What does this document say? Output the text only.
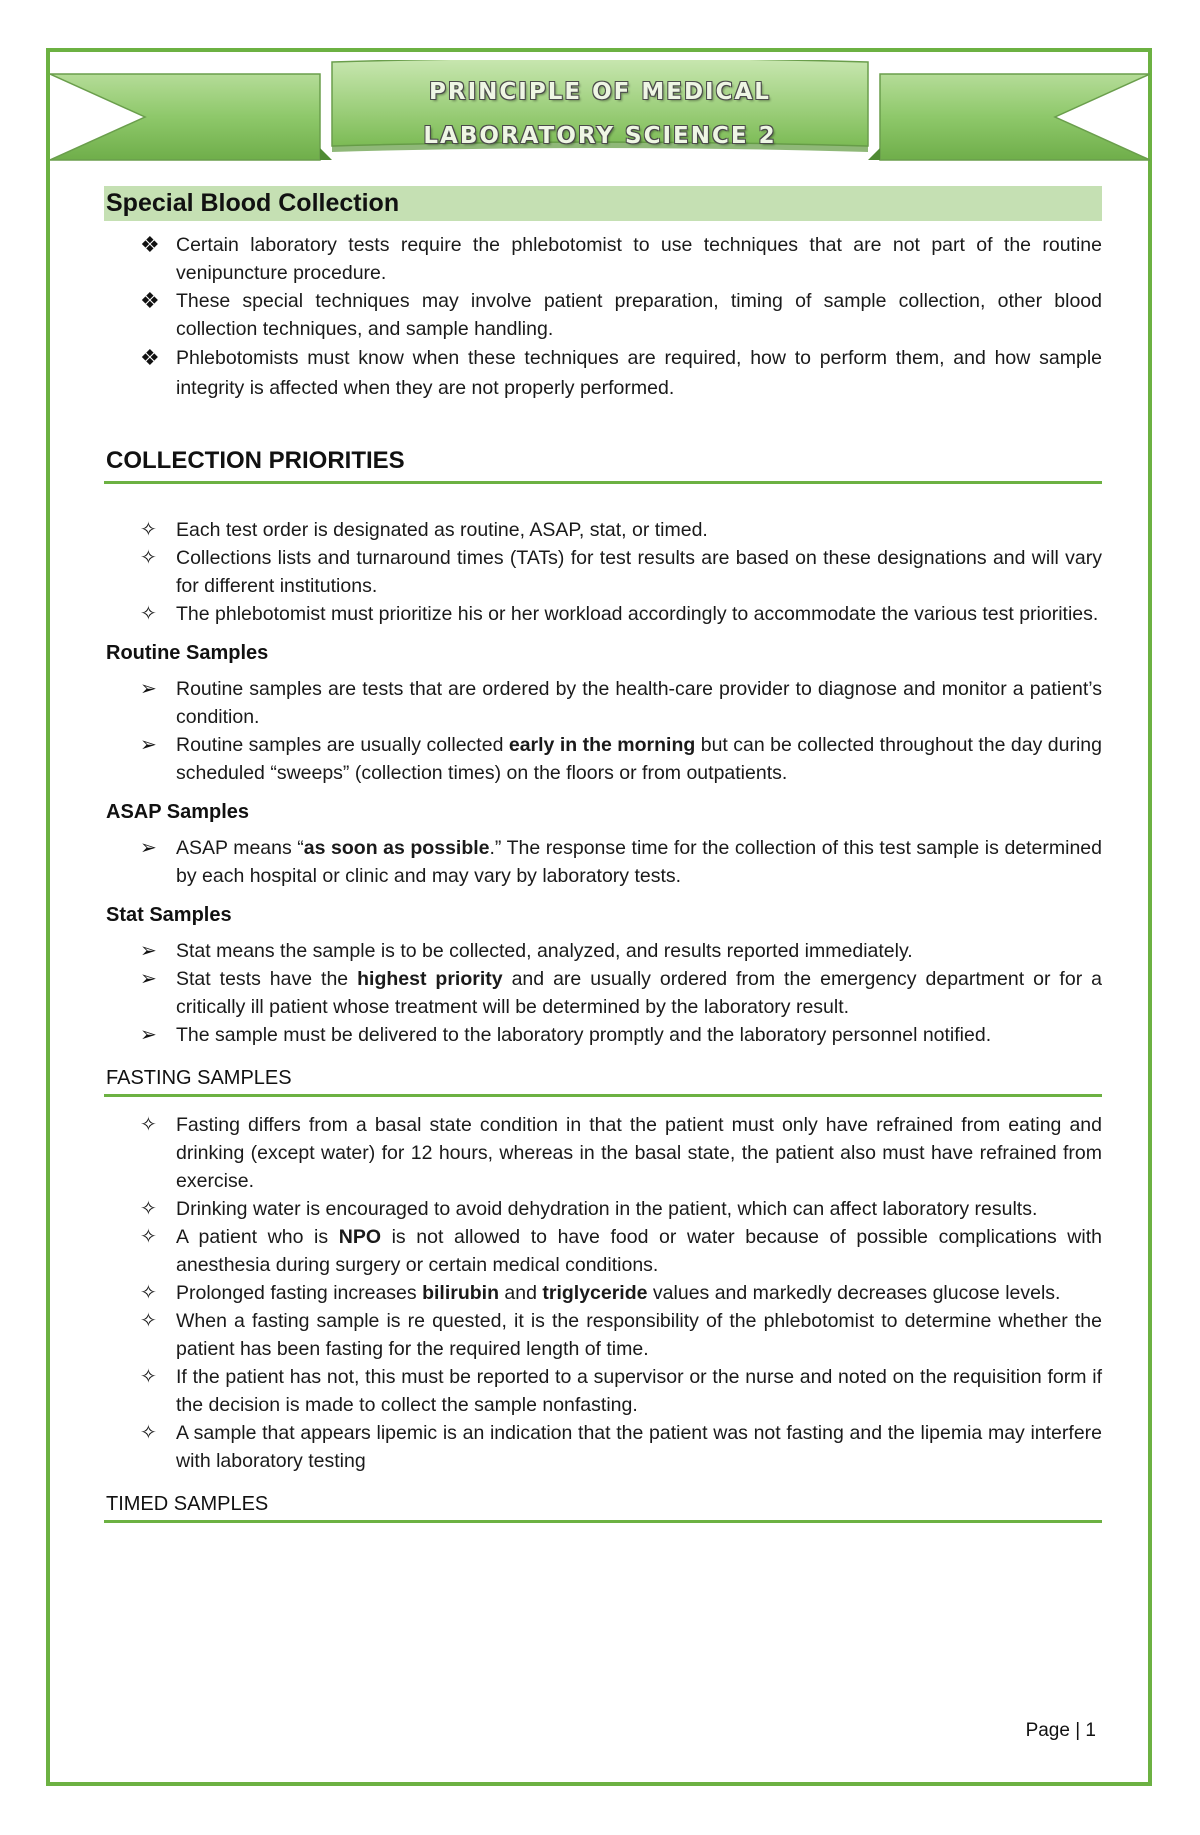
PRINCIPLE OF MEDICAL
LABORATORY SCIENCE 2
Special Blood Collection
❖ Certain laboratory tests require the phlebotomist to use techniques that are not part of the routine venipuncture procedure.
❖ These special techniques may involve patient preparation, timing of sample collection, other blood collection techniques, and sample handling.
❖ Phlebotomists must know when these techniques are required, how to perform them, and how sample integrity is affected when they are not properly performed.
COLLECTION PRIORITIES
✧ Each test order is designated as routine, ASAP, stat, or timed.
✧ Collections lists and turnaround times (TATs) for test results are based on these designations and will vary for different institutions.
✧ The phlebotomist must prioritize his or her workload accordingly to accommodate the various test priorities.
Routine Samples
➢ Routine samples are tests that are ordered by the health-care provider to diagnose and monitor a patient’s condition.
➢ Routine samples are usually collected early in the morning but can be collected throughout the day during scheduled “sweeps” (collection times) on the floors or from outpatients.
ASAP Samples
➢ ASAP means “as soon as possible.” The response time for the collection of this test sample is determined by each hospital or clinic and may vary by laboratory tests.
Stat Samples
➢ Stat means the sample is to be collected, analyzed, and results reported immediately.
➢ Stat tests have the highest priority and are usually ordered from the emergency department or for a critically ill patient whose treatment will be determined by the laboratory result.
➢ The sample must be delivered to the laboratory promptly and the laboratory personnel notified.
FASTING SAMPLES
✧ Fasting differs from a basal state condition in that the patient must only have refrained from eating and drinking (except water) for 12 hours, whereas in the basal state, the patient also must have refrained from exercise.
✧ Drinking water is encouraged to avoid dehydration in the patient, which can affect laboratory results.
✧ A patient who is NPO is not allowed to have food or water because of possible complications with anesthesia during surgery or certain medical conditions.
✧ Prolonged fasting increases bilirubin and triglyceride values and markedly decreases glucose levels.
✧ When a fasting sample is re quested, it is the responsibility of the phlebotomist to determine whether the patient has been fasting for the required length of time.
✧ If the patient has not, this must be reported to a supervisor or the nurse and noted on the requisition form if the decision is made to collect the sample nonfasting.
✧ A sample that appears lipemic is an indication that the patient was not fasting and the lipemia may interfere with laboratory testing
TIMED SAMPLES
Page | 1
